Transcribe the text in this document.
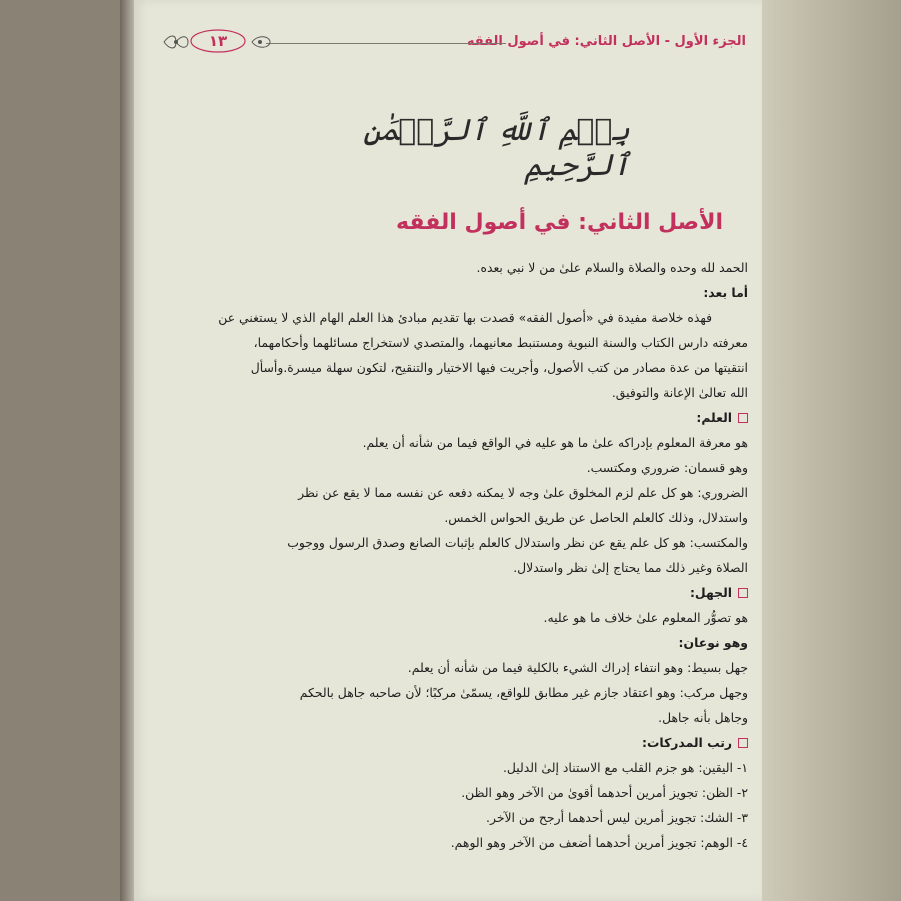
الجزء الأول - الأصل الثاني: في أصول الفقه
١٣
بِسۡمِ ٱللَّهِ ٱلرَّحۡمَٰنِ ٱلرَّحِيمِ
الأصل الثاني: في أصول الفقه
الحمد لله وحده والصلاة والسلام علىٰ من لا نبي بعده.
أما بعد:
فهذه خلاصة مفيدة في «أصول الفقه» قصدت بها تقديم مبادئ هذا العلم الهام الذي لا يستغني عن
معرفته دارس الكتاب والسنة النبوية ومستنبط معانيهما، والمتصدي لاستخراج مسائلهما وأحكامهما،
انتقيتها من عدة مصادر من كتب الأصول، وأجريت فيها الاختيار والتنقيح، لتكون سهلة ميسرة.وأسأل
الله تعالىٰ الإعانة والتوفيق.
العلم:
هو معرفة المعلوم بإدراكه علىٰ ما هو عليه في الواقع فيما من شأنه أن يعلم.
وهو قسمان: ضروري ومكتسب.
الضروري: هو كل علم لزم المخلوق علىٰ وجه لا يمكنه دفعه عن نفسه مما لا يقع عن نظر
واستدلال، وذلك كالعلم الحاصل عن طريق الحواس الخمس.
والمكتسب: هو كل علم يقع عن نظر واستدلال كالعلم بإثبات الصانع وصدق الرسول ووجوب
الصلاة وغير ذلك مما يحتاج إلىٰ نظر واستدلال.
الجهل:
هو تصوُّر المعلوم علىٰ خلاف ما هو عليه.
وهو نوعان:
جهل بسيط: وهو انتفاء إدراك الشيء بالكلية فيما من شأنه أن يعلم.
وجهل مركب: وهو اعتقاد جازم غير مطابق للواقع، يسمّىٰ مركبًا؛ لأن صاحبه جاهل بالحكم
وجاهل بأنه جاهل.
رتب المدركات:
١- اليقين: هو جزم القلب مع الاستناد إلىٰ الدليل.
٢- الظن: تجويز أمرين أحدهما أقوىٰ من الآخر وهو الظن.
٣- الشك: تجويز أمرين ليس أحدهما أرجح من الآخر.
٤- الوهم: تجويز أمرين أحدهما أضعف من الآخر وهو الوهم.
